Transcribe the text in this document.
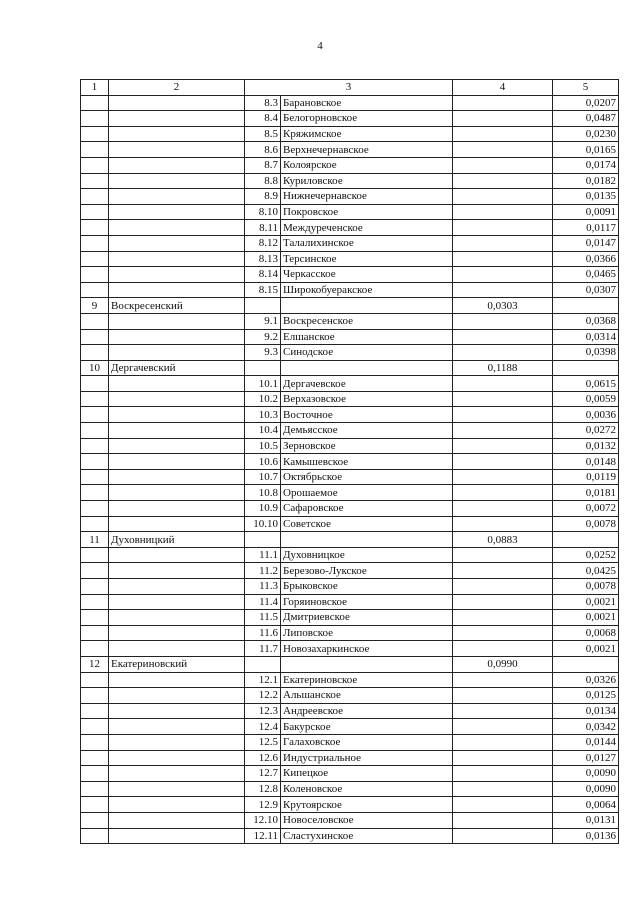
4
1	2	3		4	5
		8.3	Барановское		0,0207
		8.4	Белогорновское		0,0487
		8.5	Кряжимское		0,0230
		8.6	Верхнечернавское		0,0165
		8.7	Колоярское		0,0174
		8.8	Куриловское		0,0182
		8.9	Нижнечернавское		0,0135
		8.10	Покровское		0,0091
		8.11	Междуреченское		0,0117
		8.12	Талалихинское		0,0147
		8.13	Терсинское		0,0366
		8.14	Черкасское		0,0465
		8.15	Широкобуеракское		0,0307
9	Воскресенский			0,0303	
		9.1	Воскресенское		0,0368
		9.2	Елшанское		0,0314
		9.3	Синодское		0,0398
10	Дергачевский			0,1188	
		10.1	Дергачевское		0,0615
		10.2	Верхазовское		0,0059
		10.3	Восточное		0,0036
		10.4	Демьясское		0,0272
		10.5	Зерновское		0,0132
		10.6	Камышевское		0,0148
		10.7	Октябрьское		0,0119
		10.8	Орошаемое		0,0181
		10.9	Сафаровское		0,0072
		10.10	Советское		0,0078
11	Духовницкий			0,0883	
		11.1	Духовницкое		0,0252
		11.2	Березово-Лукское		0,0425
		11.3	Брыковское		0,0078
		11.4	Горяиновское		0,0021
		11.5	Дмитриевское		0,0021
		11.6	Липовское		0,0068
		11.7	Новозахаркинское		0,0021
12	Екатериновский			0,0990	
		12.1	Екатериновское		0,0326
		12.2	Альшанское		0,0125
		12.3	Андреевское		0,0134
		12.4	Бакурское		0,0342
		12.5	Галаховское		0,0144
		12.6	Индустриальное		0,0127
		12.7	Кипецкое		0,0090
		12.8	Коленовское		0,0090
		12.9	Крутоярское		0,0064
		12.10	Новоселовское		0,0131
		12.11	Сластухинское		0,0136
